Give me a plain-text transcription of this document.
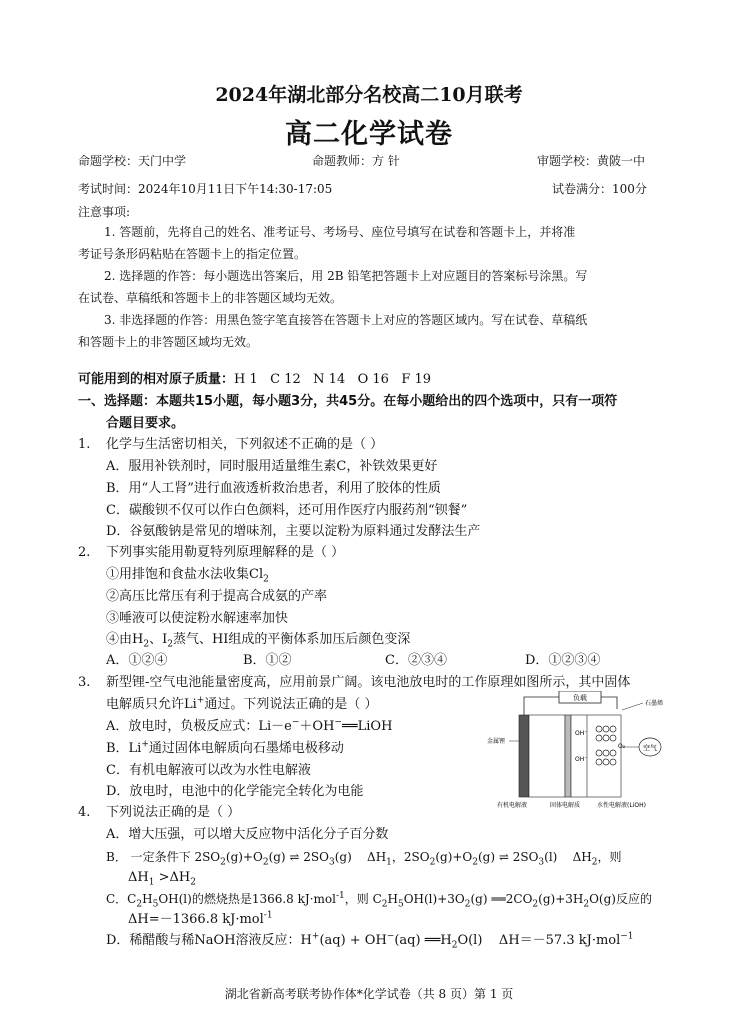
2024年湖北部分名校高二10月联考
高二化学试卷
命题学校：天门中学	命题教师：方 针	审题学校：黄陂一中
考试时间：2024年10月11日下午14:30-17:05	试卷满分：100分
注意事项:
1. 答题前，先将自己的姓名、准考证号、考场号、座位号填写在试卷和答题卡上，并将准
考证号条形码粘贴在答题卡上的指定位置。
2. 选择题的作答：每小题选出答案后，用 2B 铅笔把答题卡上对应题目的答案标号涂黑。写
在试卷、草稿纸和答题卡上的非答题区域均无效。
3. 非选择题的作答：用黑色签字笔直接答在答题卡上对应的答题区域内。写在试卷、草稿纸
和答题卡上的非答题区域均无效。
可能用到的相对原子质量：H 1   C 12   N 14   O 16   F 19
一、选择题：本题共15小题，每小题3分，共45分。在每小题给出的四个选项中，只有一项符
合题目要求。
1. 化学与生活密切相关，下列叙述不正确的是（ ）
A．服用补铁剂时，同时服用适量维生素C，补铁效果更好
B．用“人工肾”进行血液透析救治患者，利用了胶体的性质
C．碳酸钡不仅可以作白色颜料，还可用作医疗内服药剂“钡餐”
D．谷氨酸钠是常见的增味剂，主要以淀粉为原料通过发酵法生产
2. 下列事实能用勒夏特列原理解释的是（ ）
①用排饱和食盐水法收集$Cl_2$
②高压比常压有利于提高合成氨的产率
③唾液可以使淀粉水解速率加快
④由$H_2$、$I_2$蒸气、HI组成的平衡体系加压后颜色变深
A．①②④	B．①②	C．②③④	D．①②③④
3. 新型锂-空气电池能量密度高，应用前景广阔。该电池放电时的工作原理如图所示，其中固体
电解质只允许Li+通过。下列说法正确的是（ ）
A．放电时，负极反应式：Li－e−＋OH−══LiOH
B．Li+通过固体电解质向石墨烯电极移动
C．有机电解液可以改为水性电解液
D．放电时，电池中的化学能完全转化为电能
负载
石墨烯
OH⁻
OH⁻
O₂	空气
金属锂
有机电解液	固体电解质	水性电解液(LiOH)
4. 下列说法正确的是（ ）
A．增大压强，可以增大反应物中活化分子百分数
B． 一定条件下 $2SO_2(g)+O_2(g)$ ⇌ $2SO_3(g)$    $\Delta H_1$，$2SO_2(g)+O_2(g)$ ⇌ $2SO_3(l)$    $\Delta H_2$，则
$\Delta H_1 >\Delta H_2$
C．$C_2H_5OH(l)$的燃烧热是1366.8 kJ·mol$^{-1}$，则 $C_2H_5OH(l)+3O_2(g)$ $══2CO_2(g)+3H_2O(g)$反应的
ΔH=－1366.8 kJ·mol$^{-1}$
D．稀醋酸与稀NaOH溶液反应：H+(aq) + OH−(aq) $══H_2O(l)$    ΔH＝－57.3 kJ·mol$^{-1}$
湖北省新高考联考协作体*化学试卷（共 8 页）第 1 页
